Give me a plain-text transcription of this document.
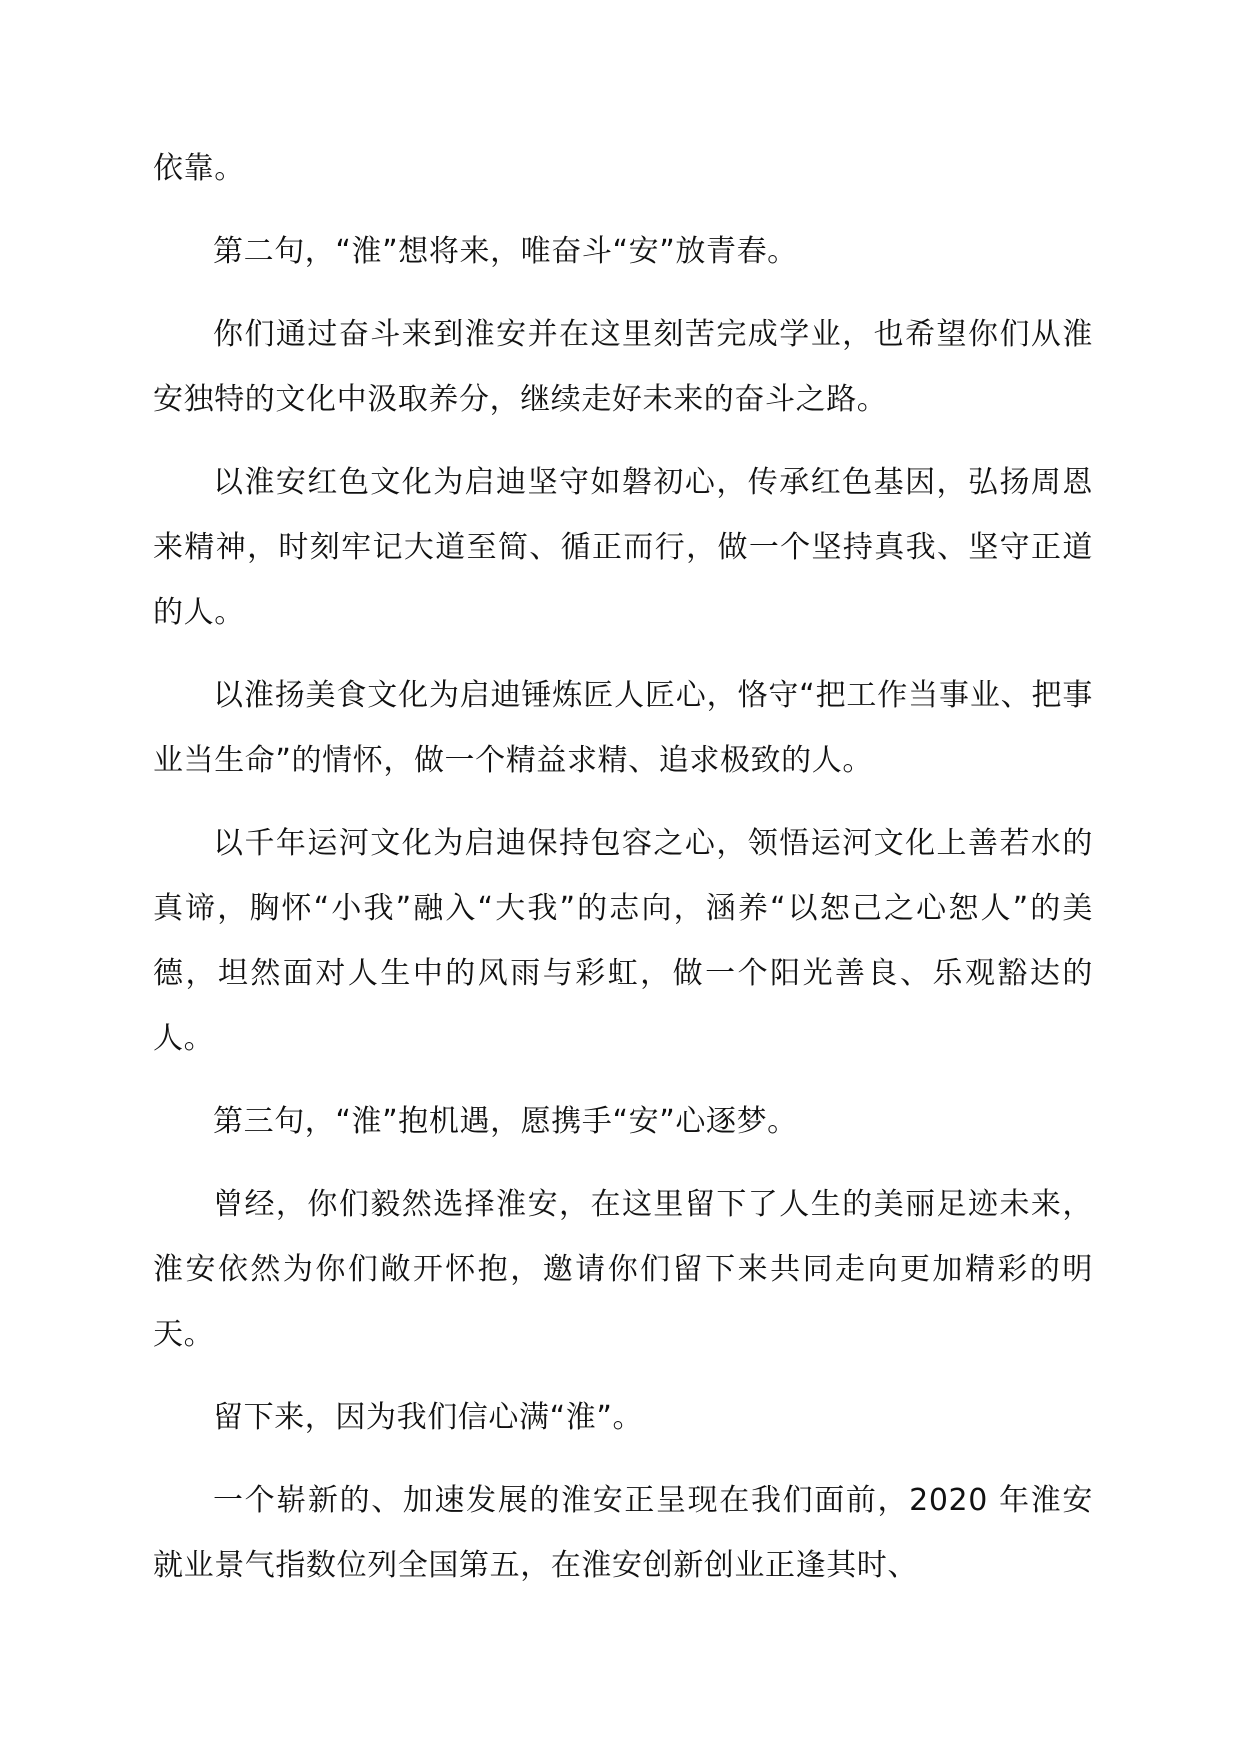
依靠。

第二句，“淮”想将来，唯奋斗“安”放青春。

你们通过奋斗来到淮安并在这里刻苦完成学业，也希望你们从淮安独特的文化中汲取养分，继续走好未来的奋斗之路。

以淮安红色文化为启迪坚守如磐初心，传承红色基因，弘扬周恩来精神，时刻牢记大道至简、循正而行，做一个坚持真我、坚守正道的人。

以淮扬美食文化为启迪锤炼匠人匠心，恪守“把工作当事业、把事业当生命”的情怀，做一个精益求精、追求极致的人。

以千年运河文化为启迪保持包容之心，领悟运河文化上善若水的真谛，胸怀“小我”融入“大我”的志向，涵养“以恕己之心恕人”的美德，坦然面对人生中的风雨与彩虹，做一个阳光善良、乐观豁达的人。

第三句，“淮”抱机遇，愿携手“安”心逐梦。

曾经，你们毅然选择淮安，在这里留下了人生的美丽足迹未来，淮安依然为你们敞开怀抱，邀请你们留下来共同走向更加精彩的明天。

留下来，因为我们信心满“淮”。

一个崭新的、加速发展的淮安正呈现在我们面前，2020 年淮安就业景气指数位列全国第五，在淮安创新创业正逢其时、
